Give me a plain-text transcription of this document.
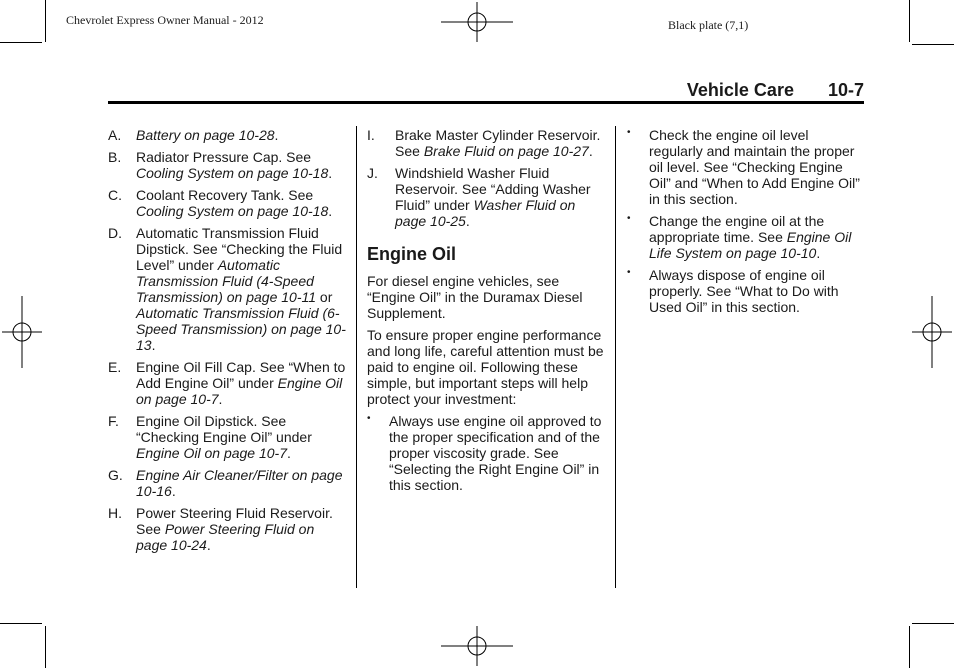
Chevrolet Express Owner Manual - 2012	Black plate (7,1)
Vehicle Care 10-7
A.	Battery on page 10-28.
B.	Radiator Pressure Cap. See Cooling System on page 10-18.
C.	Coolant Recovery Tank. See Cooling System on page 10-18.
D.	Automatic Transmission Fluid Dipstick. See “Checking the Fluid Level” under Automatic Transmission Fluid (4-Speed Transmission) on page 10-11 or Automatic Transmission Fluid (6-Speed Transmission) on page 10-13.
E.	Engine Oil Fill Cap. See “When to Add Engine Oil” under Engine Oil on page 10-7.
F.	Engine Oil Dipstick. See “Checking Engine Oil” under Engine Oil on page 10-7.
G. Engine Air Cleaner/Filter on page 10-16.
H.	Power Steering Fluid Reservoir. See Power Steering Fluid on page 10-24.
I.	Brake Master Cylinder Reservoir. See Brake Fluid on page 10-27.
J.	Windshield Washer Fluid Reservoir. See “Adding Washer Fluid” under Washer Fluid on page 10-25.
Engine Oil
For diesel engine vehicles, see “Engine Oil” in the Duramax Diesel Supplement.
To ensure proper engine performance and long life, careful attention must be paid to engine oil. Following these simple, but important steps will help protect your investment:
•	Always use engine oil approved to the proper specification and of the proper viscosity grade. See “Selecting the Right Engine Oil” in this section.
•	Check the engine oil level regularly and maintain the proper oil level. See “Checking Engine Oil” and “When to Add Engine Oil” in this section.
•	Change the engine oil at the appropriate time. See Engine Oil Life System on page 10-10.
•	Always dispose of engine oil properly. See “What to Do with Used Oil” in this section.
